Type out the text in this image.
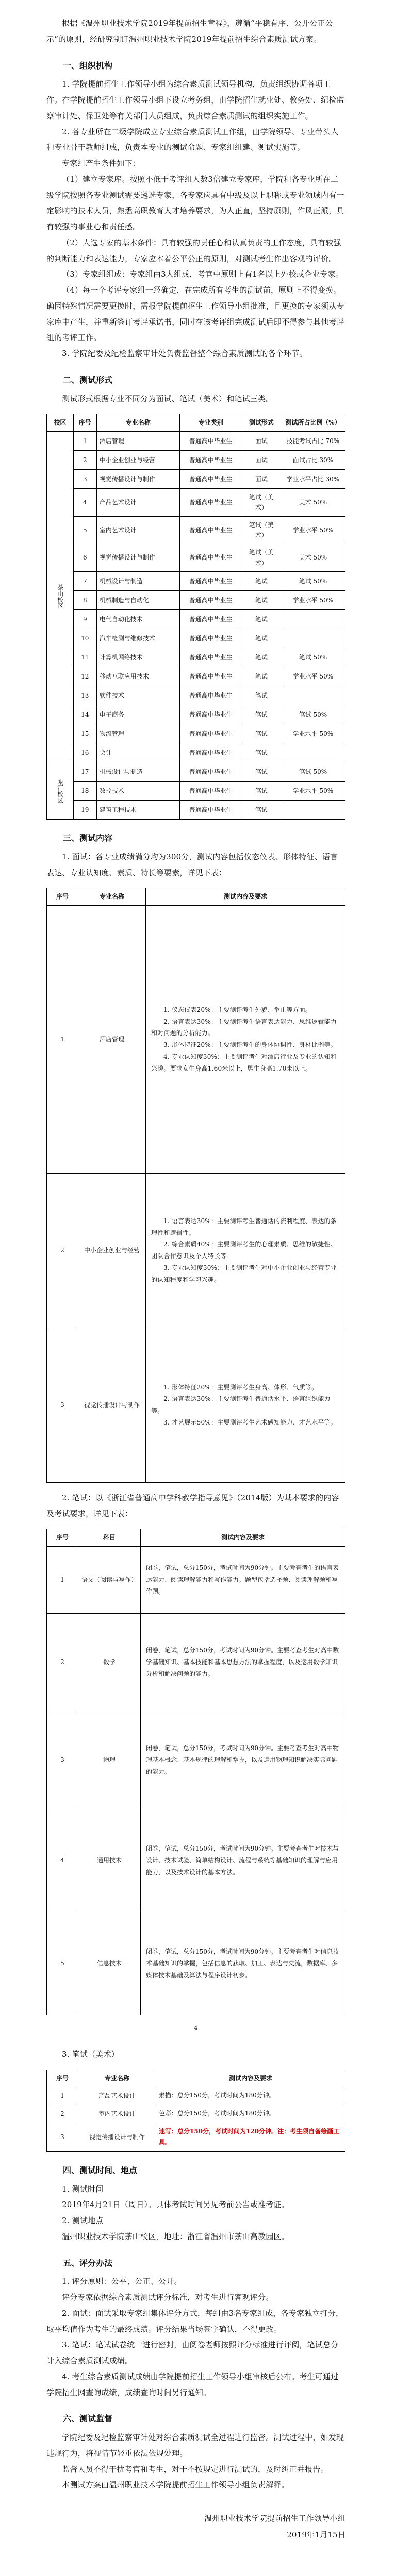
根据《温州职业技术学院2019年提前招生章程》，遵循“平稳有序、公开公正公示”的原则，经研究制订温州职业技术学院2019年提前招生综合素质测试方案。

一、组织机构

1. 学院提前招生工作领导小组为综合素质测试领导机构，负责组织协调各项工作。在学院提前招生工作领导小组下设立考务组，由学院招生就业处、教务处、纪检监察审计处、保卫处等有关部门人员组成，负责综合素质测试的组织实施工作。

2. 各专业所在二级学院成立专业综合素质测试工作组，由学院领导、专业带头人和专业骨干教师组成，负责本专业的测试命题、专家组组建、测试实施等。

专家组产生条件如下：

（1）建立专家库。按照不低于考评组人数3倍建立专家库，学院和各专业所在二级学院按照各专业测试需要遴选专家，各专家应具有中级及以上职称或专业领域内有一定影响的技术人员，熟悉高职教育人才培养要求，为人正直，坚持原则，作风正派，具有较强的事业心和责任感。

（2）人选专家的基本条件：具有较强的责任心和认真负责的工作态度，具有较强的判断能力和表达能力，专家应本着公平公正的原则，对测试考生作出客观的评价。

（3）专家组组成：专家组由3人组成，考官中原则上有1名以上外校或企业专家。

（4）每一个考评专家组一经确定，在完成所有考生的测试前，原则上不得变换。确因特殊情况需要更换时，需报学院提前招生工作领导小组批准，且更换的专家须从专家库中产生，并重新签订考评承诺书，同时在该考评组完成测试后即不得参与其他考评组的考评工作。

3. 学院纪委及纪检监察审计处负责监督整个综合素质测试的各个环节。

二、测试形式

测试形式根据专业不同分为面试、笔试（美术）和笔试三类。

校区	序号	专业名称	专业类别	测试形式	测试所占比例（%）
茶山校区	1	酒店管理	普通高中毕业生	面试	技能考试占比 70%
	2	中小企业创业与经营	普通高中毕业生	面试	面试占比 30%
	3	视觉传播设计与制作	普通高中毕业生	面试	学业水平占比 30%
	4	产品艺术设计	普通高中毕业生	笔试（美术）	美术 50%
	5	室内艺术设计	普通高中毕业生	笔试（美术）	学业水平 50%
	6	视觉传播设计与制作	普通高中毕业生	笔试（美术）	美术 50%
	7	机械设计与制造	普通高中毕业生	笔试	笔试 50%
	8	机械制造与自动化	普通高中毕业生	笔试	学业水平 50%
	9	电气自动化技术	普通高中毕业生	笔试	
	10	汽车检测与维修技术	普通高中毕业生	笔试	
	11	计算机网络技术	普通高中毕业生	笔试	笔试 50%
	12	移动互联应用技术	普通高中毕业生	笔试	学业水平 50%
	13	软件技术	普通高中毕业生	笔试	
	14	电子商务	普通高中毕业生	笔试	笔试 50%
	15	物流管理	普通高中毕业生	笔试	学业水平 50%
	16	会计	普通高中毕业生	笔试	
瓯江校区	17	机械设计与制造	普通高中毕业生	笔试	笔试 50%
	18	数控技术	普通高中毕业生	笔试	学业水平 50%
	19	建筑工程技术	普通高中毕业生	笔试	
三、测试内容

1. 面试：各专业成绩满分均为300分，测试内容包括仪态仪表、形体特征、语言表达、专业认知度、素质、特长等要素，详见下表：

序号	专业名称	测试内容及要求
1	酒店管理	1. 仪态仪表20%：主要测评考生外貌、举止等方面。

2. 语言表达30%：主要测评考生语言表达能力、思维逻辑能力和对问题的分析能力。

3. 形体特征20%：主要测评考生的身体协调性、身材比例等。

4. 专业认知度30%：主要测评考生对酒店行业及专业的认知和兴趣。要求女生身高1.60米以上，男生身高1.70米以上。

2	中小企业创业与经营	1. 语言表达30%：主要测评考生普通话的流利程度、表达的条理性和逻辑性。

2. 综合素质40%：主要测评考生的心理素质、思维的敏捷性、团队合作意识及个人特长等。

3. 专业认知度30%：主要测评考生对中小企业创业与经营专业的认知程度和学习兴趣。

3	视觉传播设计与制作	1. 形体特征20%：主要测评考生身高、体形、气质等。

2. 语言表达30%：主要测评考生普通话水平、语言组织能力等。

3. 才艺展示50%：主要测评考生艺术感知能力、才艺水平等。

2. 笔试：以《浙江省普通高中学科教学指导意见》（2014版）为基本要求的内容及考试要求，详见下表：

序号	科目	测试内容及要求
1	语文（阅读与写作）	闭卷，笔试，总分150分，考试时间为90分钟。主要考查考生的语言表达能力、阅读理解能力和写作能力。题型包括选择题、阅读理解题和写作题。
2	数学	闭卷，笔试，总分150分，考试时间为90分钟。主要考查考生对高中数学基础知识、基本技能和基本思想方法的掌握程度，以及运用数学知识分析和解决问题的能力。
3	物理	闭卷，笔试，总分150分，考试时间为90分钟。主要考查考生对高中物理基本概念、基本规律的理解和掌握，以及运用物理知识解决实际问题的能力。
4	通用技术	闭卷，笔试，总分150分，考试时间为90分钟。主要考查考生对技术与设计、技术试验、简单结构设计、流程与系统等基础知识的理解与应用能力，以及技术设计的基本方法。
5	信息技术	闭卷，笔试，总分150分，考试时间为90分钟。主要考查考生对信息技术基础知识的掌握，包括信息的获取、加工、表达与交流，数据库、多媒体技术基础及算法与程序设计初步。

4

3. 笔试（美术）

序号	专业名称	测试内容及要求
1	产品艺术设计	素描：总分150分，考试时间为180分钟。
2	室内艺术设计	色彩：总分150分，考试时间为180分钟。
3	视觉传播设计与制作	速写：总分150分，考试时间为120分钟。注：考生须自备绘画工具。
四、测试时间、地点

1. 测试时间

2019年4月21日（周日）。具体考试时间另见考前公告或准考证。

2. 测试地点

温州职业技术学院茶山校区，地址：浙江省温州市茶山高教园区。

五、评分办法

1. 评分原则：公平、公正、公开。

评分专家依据综合素质测试评分标准，对考生进行客观评分。

2. 面试：面试采取专家组集体评分方式，每组由3名专家组成，各专家独立打分，取平均值作为考生的最终成绩。评分结果当场签字确认，不得更改。

3. 笔试：笔试试卷统一进行密封，由阅卷老师按照评分标准进行评阅，笔试总分计入综合素质测试成绩。

4. 考生综合素质测试成绩由学院提前招生工作领导小组审核后公布。考生可通过学院招生网查询成绩，成绩查询时间另行通知。

六、测试监督

学院纪委及纪检监察审计处对综合素质测试全过程进行监督。测试过程中，如发现违规行为，将视情节轻重依法依规处理。

监督人员不得干扰考官和考生，对于不按规定进行测试的，及时纠正并报告。

本测试方案由温州职业技术学院提前招生工作领导小组负责解释。

温州职业技术学院提前招生工作领导小组

2019年1月15日
